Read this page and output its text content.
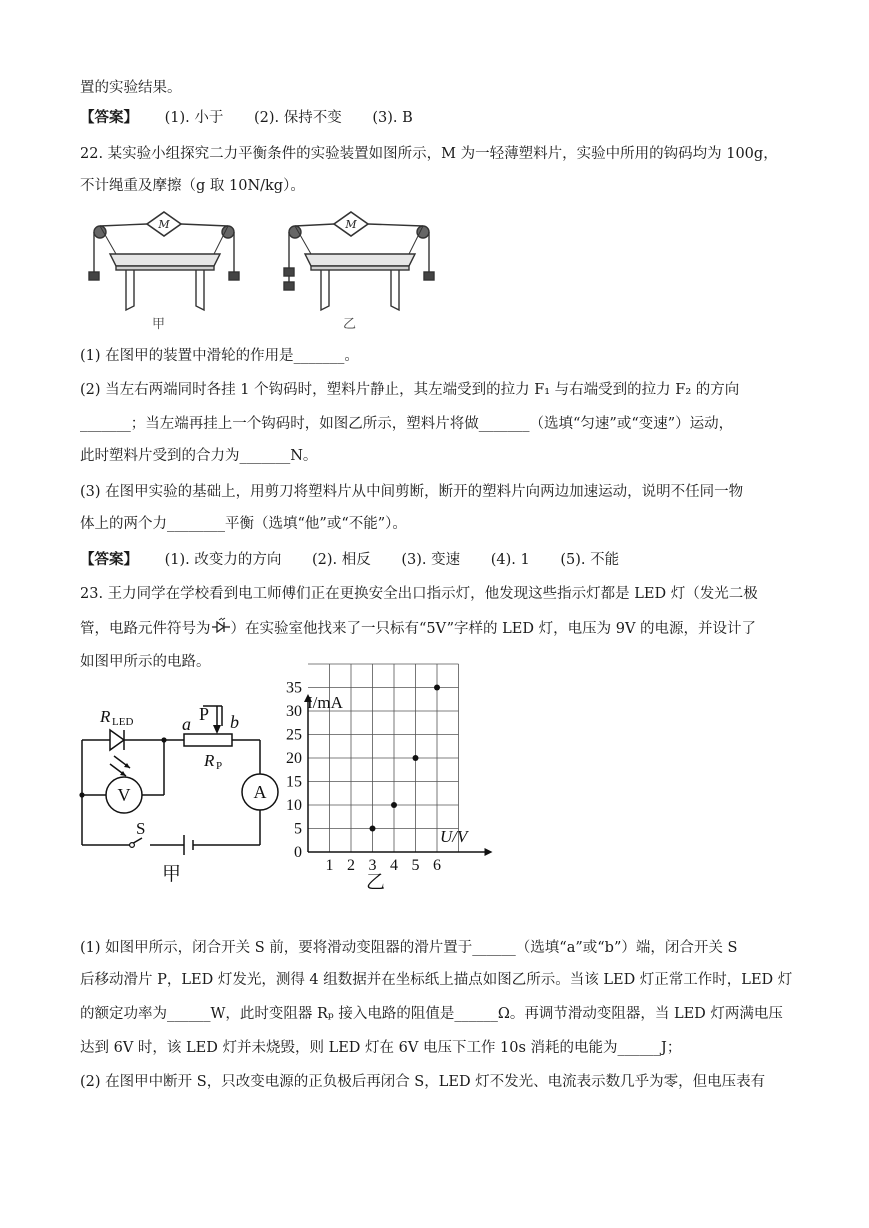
置的实验结果。
【答案】 (1). 小于 (2). 保持不变 (3). B
22. 某实验小组探究二力平衡条件的实验装置如图所示，M 为一轻薄塑料片，实验中所用的钩码均为 100g，
不计绳重及摩擦（g 取 10N/kg）。
M	M
甲	乙
(1) 在图甲的装置中滑轮的作用是_______。
(2) 当左右两端同时各挂 1 个钩码时，塑料片静止，其左端受到的拉力 F₁ 与右端受到的拉力 F₂ 的方向
_______；当左端再挂上一个钩码时，如图乙所示，塑料片将做_______（选填“匀速”或“变速”）运动，
此时塑料片受到的合力为_______N。
(3) 在图甲实验的基础上，用剪刀将塑料片从中间剪断，断开的塑料片向两边加速运动，说明不任同一物
体上的两个力________平衡（选填“他”或“不能”）。
【答案】 (1). 改变力的方向 (2). 相反 (3). 变速 (4). 1 (5). 不能
23. 王力同学在学校看到电工师傅们正在更换安全出口指示灯，他发现这些指示灯都是 LED 灯（发光二极
管，电路元件符号为 ）在实验室他找来了一只标有“5V”字样的 LED 灯，电压为 9V 的电源，并设计了
如图甲所示的电路。
R LED	a P b
R P
V	A
S
甲	1 2 3 4 5 6
0
5
10
15
20
25
30
35
I/mA
U/V
乙
(1) 如图甲所示，闭合开关 S 前，要将滑动变阻器的滑片置于______（选填“a”或“b”）端，闭合开关 S
后移动滑片 P，LED 灯发光，测得 4 组数据并在坐标纸上描点如图乙所示。当该 LED 灯正常工作时，LED 灯
的额定功率为______W，此时变阻器 Rₚ 接入电路的阻值是______Ω。再调节滑动变阻器，当 LED 灯两满电压
达到 6V 时，该 LED 灯并未烧毁，则 LED 灯在 6V 电压下工作 10s 消耗的电能为______J；
(2) 在图甲中断开 S，只改变电源的正负极后再闭合 S，LED 灯不发光、电流表示数几乎为零，但电压表有
